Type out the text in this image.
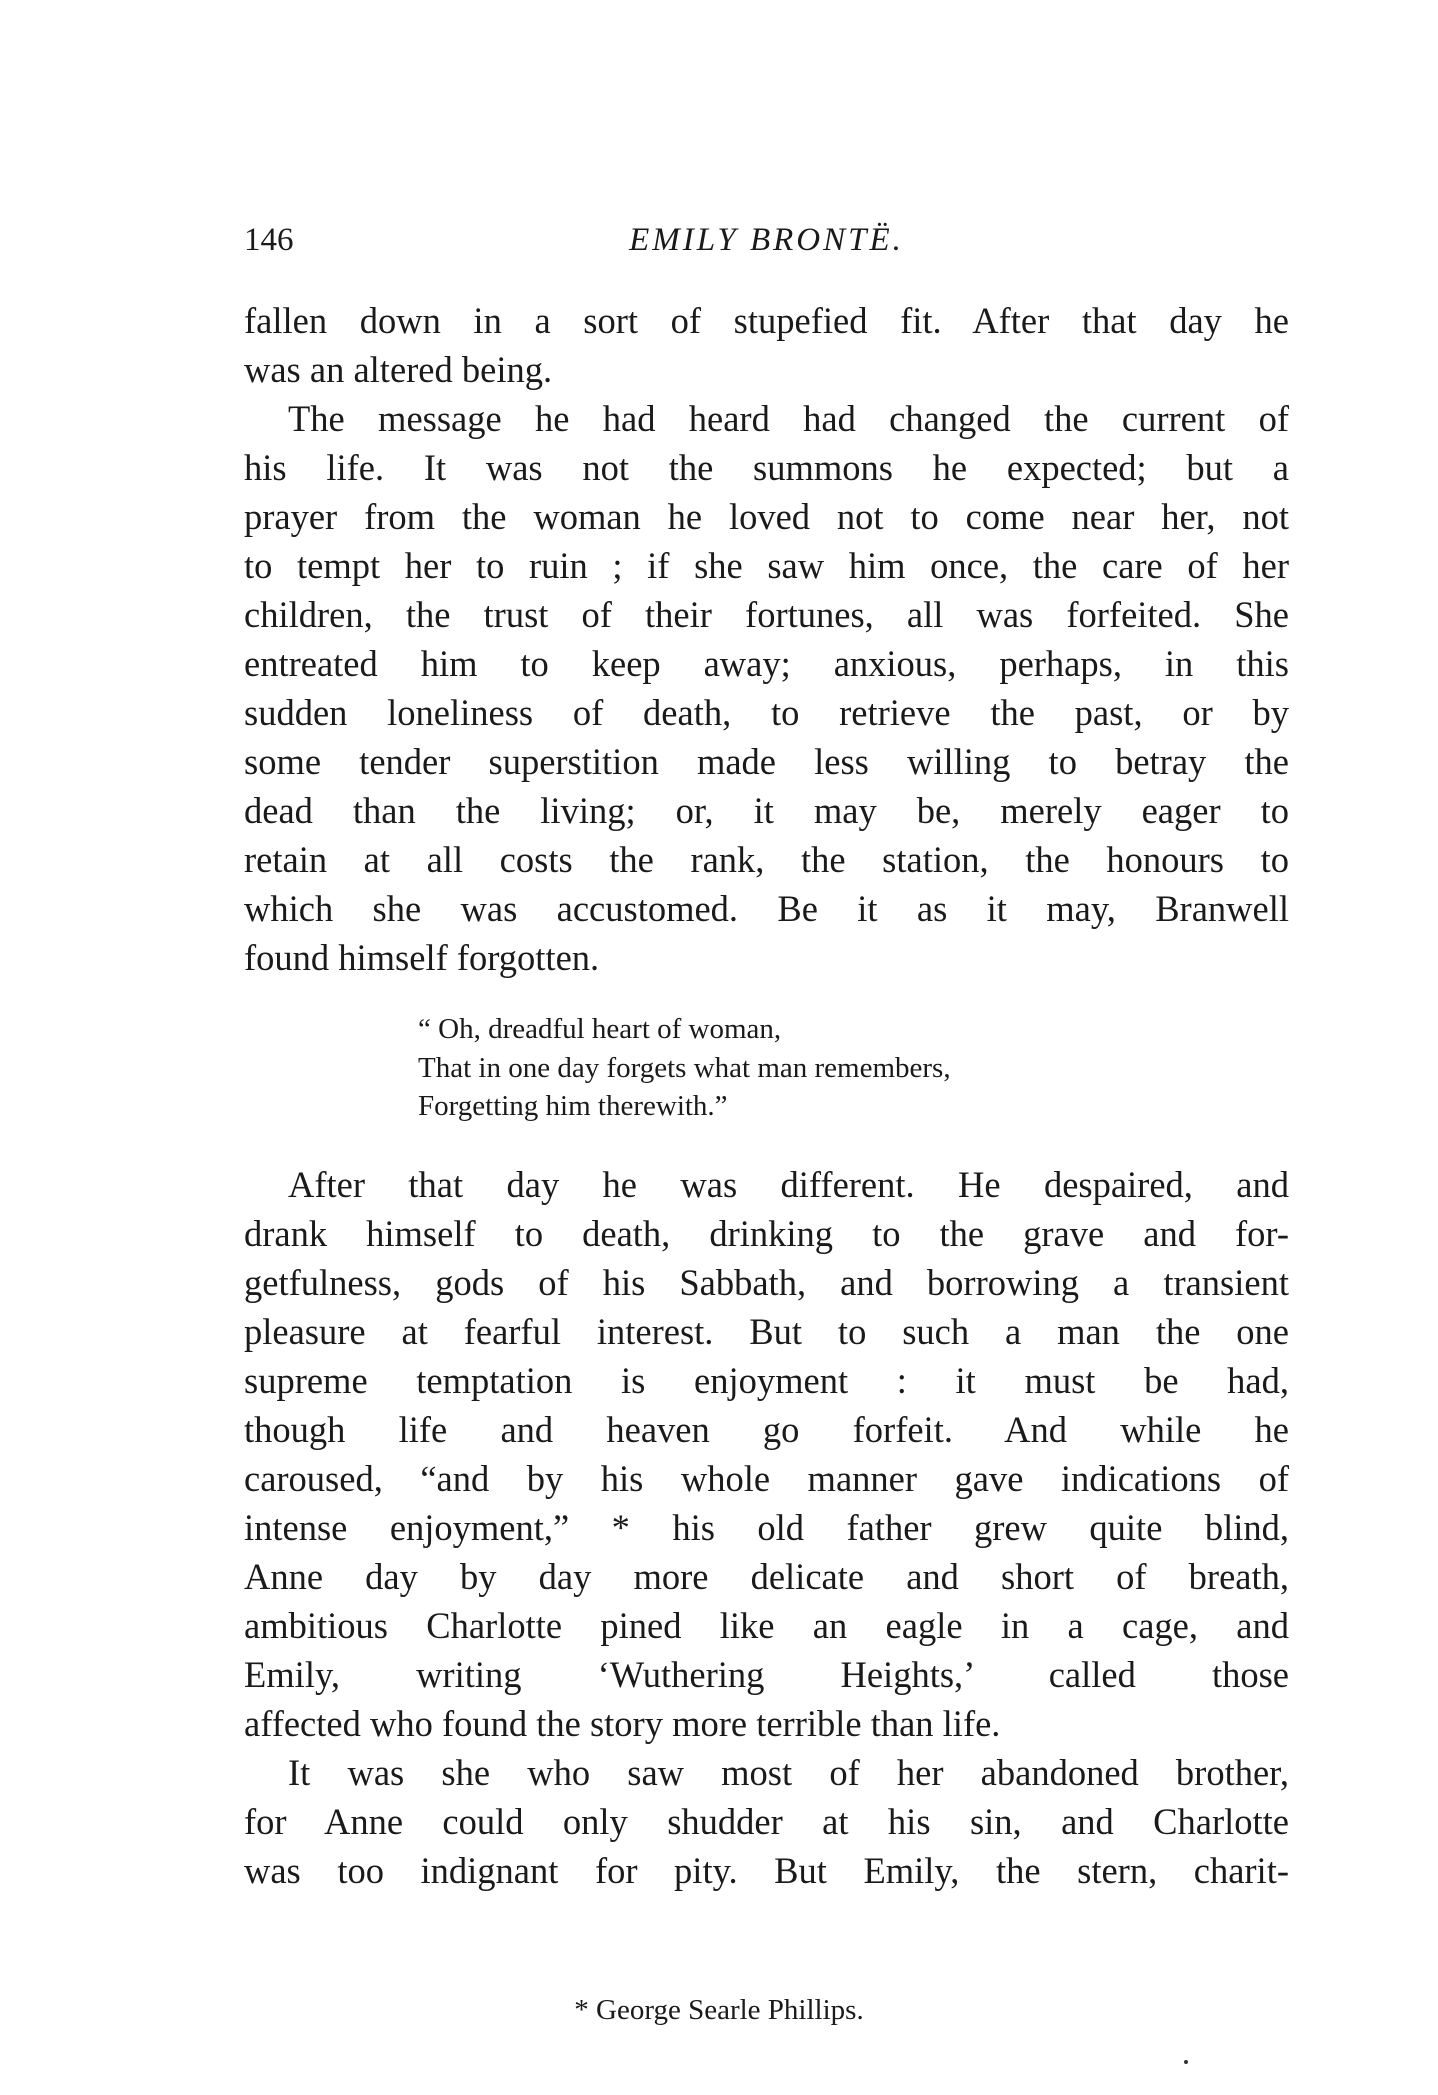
146	EMILY BRONTË.
fallen down in a sort of stupefied fit. After that day he
was an altered being.
The message he had heard had changed the current of
his life. It was not the summons he expected; but a
prayer from the woman he loved not to come near her, not
to tempt her to ruin ; if she saw him once, the care of her
children, the trust of their fortunes, all was forfeited. She
entreated him to keep away; anxious, perhaps, in this
sudden loneliness of death, to retrieve the past, or by
some tender superstition made less willing to betray the
dead than the living; or, it may be, merely eager to
retain at all costs the rank, the station, the honours to
which she was accustomed. Be it as it may, Branwell
found himself forgotten.
“ Oh, dreadful heart of woman,
That in one day forgets what man remembers,
Forgetting him therewith.”
After that day he was different. He despaired, and
drank himself to death, drinking to the grave and for-
getfulness, gods of his Sabbath, and borrowing a transient
pleasure at fearful interest. But to such a man the one
supreme temptation is enjoyment : it must be had,
though life and heaven go forfeit. And while he
caroused, “and by his whole manner gave indications of
intense enjoyment,” * his old father grew quite blind,
Anne day by day more delicate and short of breath,
ambitious Charlotte pined like an eagle in a cage, and
Emily, writing ‘Wuthering Heights,’ called those
affected who found the story more terrible than life.
It was she who saw most of her abandoned brother,
for Anne could only shudder at his sin, and Charlotte
was too indignant for pity. But Emily, the stern, charit-
* George Searle Phillips.
